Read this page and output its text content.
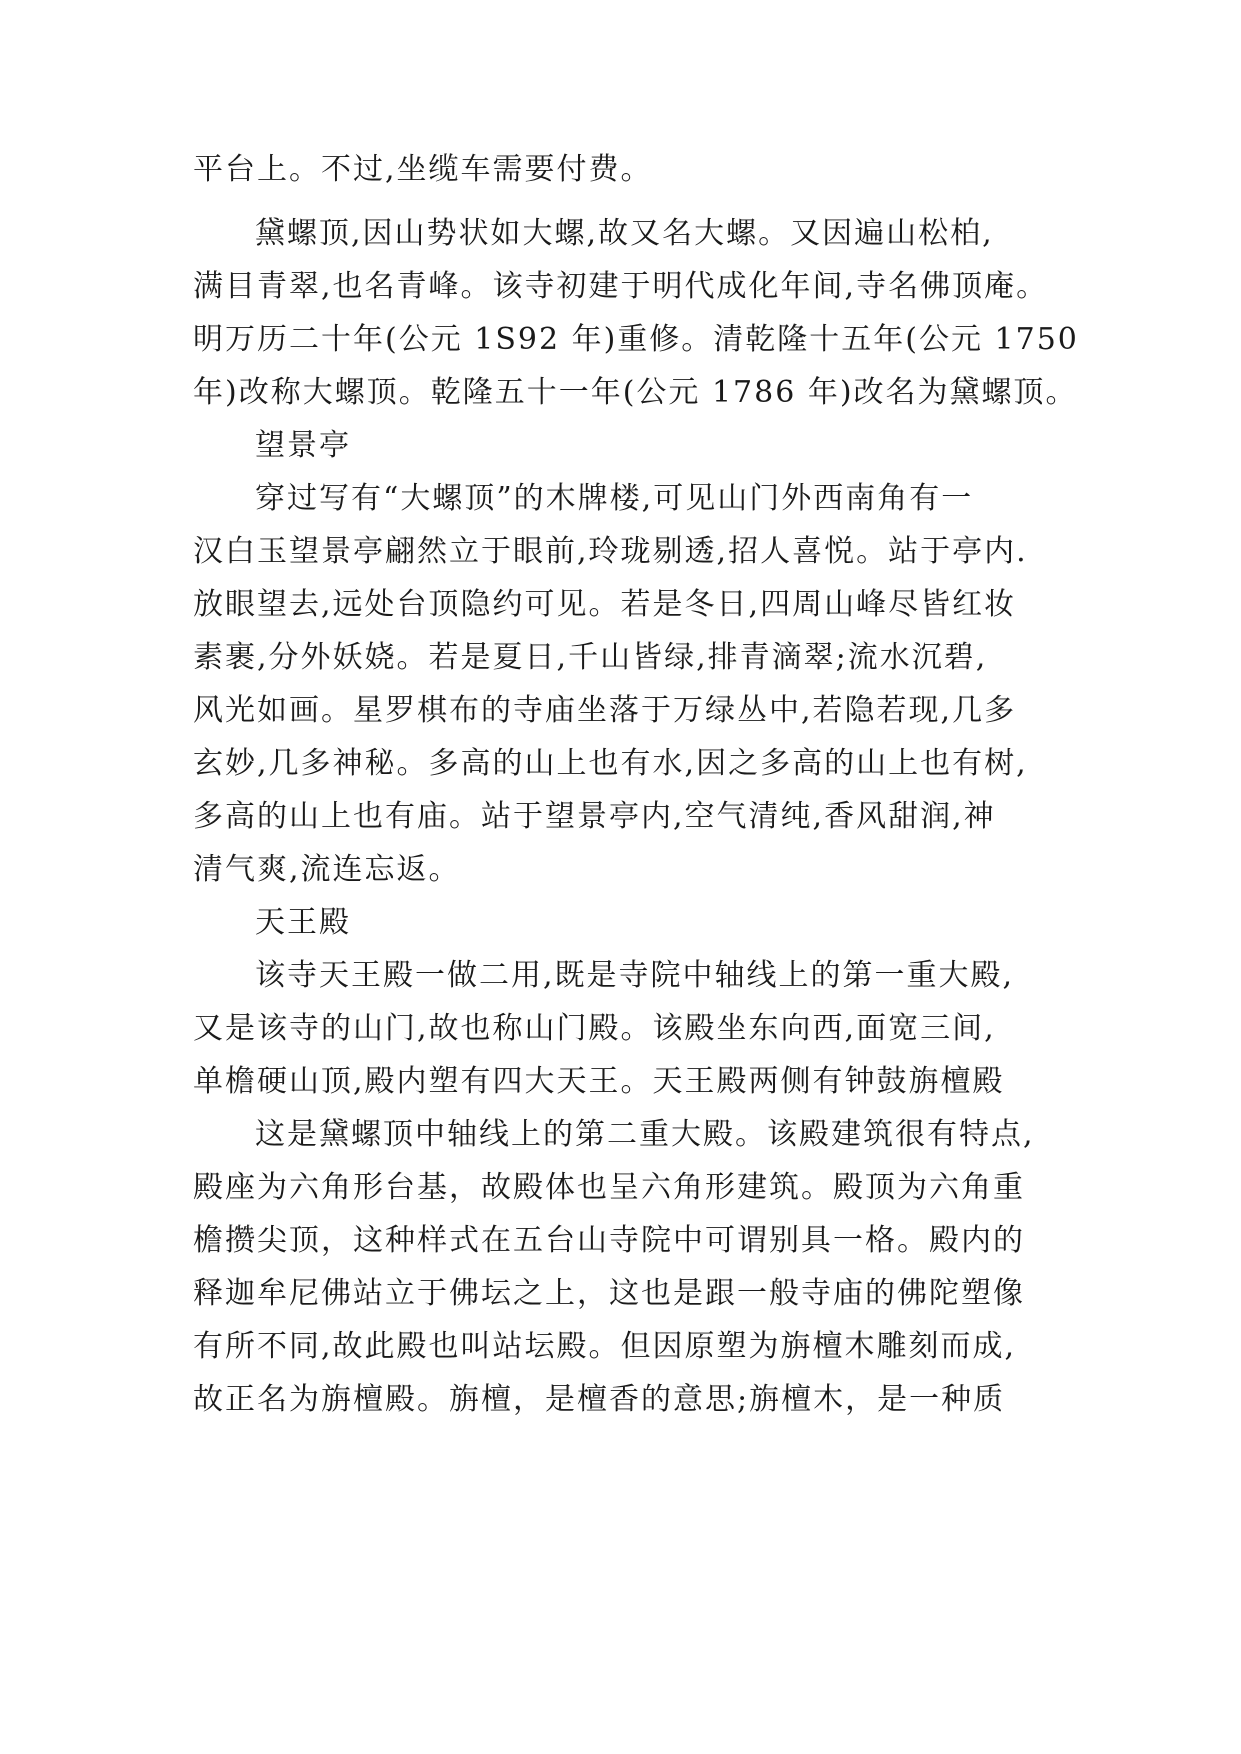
平台上。不过,坐缆车需要付费。
黛螺顶,因山势状如大螺,故又名大螺。又因遍山松柏,
满目青翠,也名青峰。该寺初建于明代成化年间,寺名佛顶庵。
明万历二十年(公元 1S92 年)重修。清乾隆十五年(公元 1750
年)改称大螺顶。乾隆五十一年(公元 1786 年)改名为黛螺顶。
望景亭
穿过写有“大螺顶”的木牌楼,可见山门外西南角有一
汉白玉望景亭翩然立于眼前,玲珑剔透,招人喜悦。站于亭内.
放眼望去,远处台顶隐约可见。若是冬日,四周山峰尽皆红妆
素裹,分外妖娆。若是夏日,千山皆绿,排青滴翠;流水沉碧,
风光如画。星罗棋布的寺庙坐落于万绿丛中,若隐若现,几多
玄妙,几多神秘。多高的山上也有水,因之多高的山上也有树,
多高的山上也有庙。站于望景亭内,空气清纯,香风甜润,神
清气爽,流连忘返。
天王殿
该寺天王殿一做二用,既是寺院中轴线上的第一重大殿,
又是该寺的山门,故也称山门殿。该殿坐东向西,面宽三间,
单檐硬山顶,殿内塑有四大天王。天王殿两侧有钟鼓旃檀殿
这是黛螺顶中轴线上的第二重大殿。该殿建筑很有特点,
殿座为六角形台基，故殿体也呈六角形建筑。殿顶为六角重
檐攒尖顶，这种样式在五台山寺院中可谓别具一格。殿内的
释迦牟尼佛站立于佛坛之上，这也是跟一般寺庙的佛陀塑像
有所不同,故此殿也叫站坛殿。但因原塑为旃檀木雕刻而成,
故正名为旃檀殿。旃檀，是檀香的意思;旃檀木，是一种质
